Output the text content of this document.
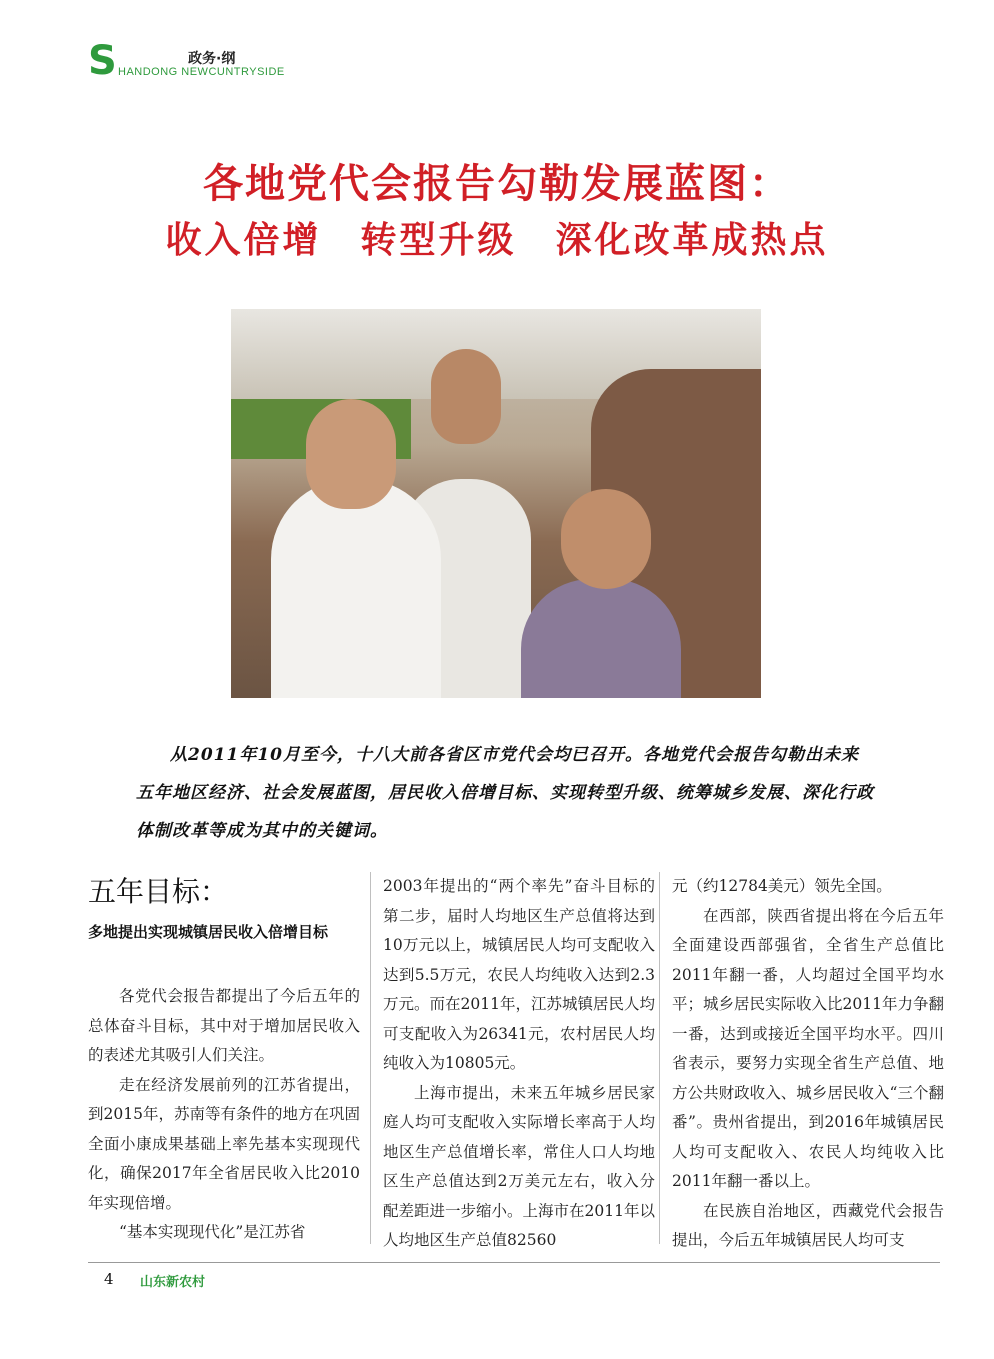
S	政务·纲
HANDONG NEWCUNTRYSIDE
各地党代会报告勾勒发展蓝图：
收入倍增　转型升级　深化改革成热点
从2011年10月至今，十八大前各省区市党代会均已召开。各地党代会报告勾勒出未来五年地区经济、社会发展蓝图，居民收入倍增目标、实现转型升级、统筹城乡发展、深化行政体制改革等成为其中的关键词。
五年目标：
多地提出实现城镇居民收入倍增目标

各党代会报告都提出了今后五年的总体奋斗目标，其中对于增加居民收入的表述尤其吸引人们关注。

走在经济发展前列的江苏省提出，到2015年，苏南等有条件的地方在巩固全面小康成果基础上率先基本实现现代化，确保2017年全省居民收入比2010年实现倍增。

“基本实现现代化”是江苏省

2003年提出的“两个率先”奋斗目标的第二步，届时人均地区生产总值将达到10万元以上，城镇居民人均可支配收入达到5.5万元，农民人均纯收入达到2.3万元。而在2011年，江苏城镇居民人均可支配收入为26341元，农村居民人均纯收入为10805元。

上海市提出，未来五年城乡居民家庭人均可支配收入实际增长率高于人均地区生产总值增长率，常住人口人均地区生产总值达到2万美元左右，收入分配差距进一步缩小。上海市在2011年以人均地区生产总值82560

元（约12784美元）领先全国。

在西部，陕西省提出将在今后五年全面建设西部强省，全省生产总值比2011年翻一番，人均超过全国平均水平；城乡居民实际收入比2011年力争翻一番，达到或接近全国平均水平。四川省表示，要努力实现全省生产总值、地方公共财政收入、城乡居民收入“三个翻番”。贵州省提出，到2016年城镇居民人均可支配收入、农民人均纯收入比2011年翻一番以上。

在民族自治地区，西藏党代会报告提出，今后五年城镇居民人均可支

4 山东新农村
